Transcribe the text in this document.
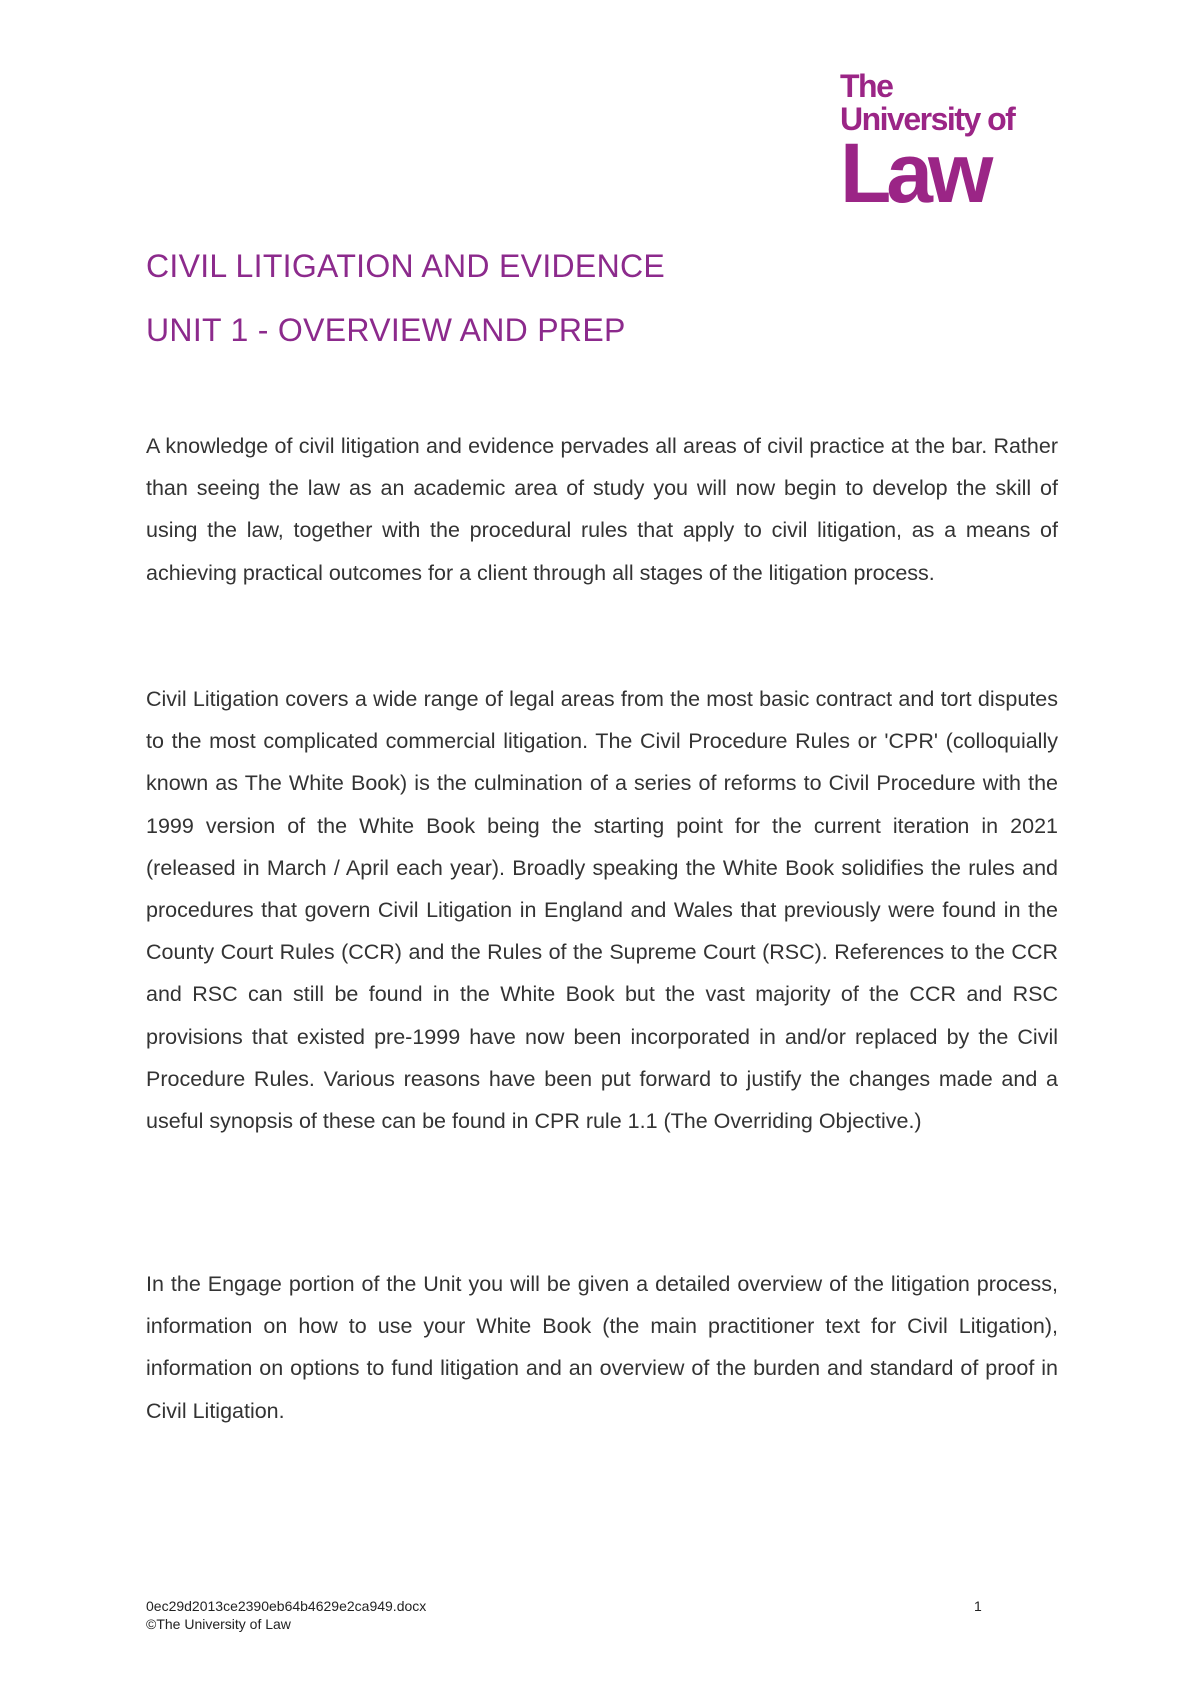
The
University of
Law
CIVIL LITIGATION AND EVIDENCE
UNIT 1 - OVERVIEW AND PREP

A knowledge of civil litigation and evidence pervades all areas of civil practice at the bar. Rather than seeing the law as an academic area of study you will now begin to develop the skill of using the law, together with the procedural rules that apply to civil litigation, as a means of achieving practical outcomes for a client through all stages of the litigation process.

Civil Litigation covers a wide range of legal areas from the most basic contract and tort disputes to the most complicated commercial litigation. The Civil Procedure Rules or 'CPR' (colloquially known as The White Book) is the culmination of a series of reforms to Civil Procedure with the 1999 version of the White Book being the starting point for the current iteration in 2021 (released in March / April each year). Broadly speaking the White Book solidifies the rules and procedures that govern Civil Litigation in England and Wales that previously were found in the County Court Rules (CCR) and the Rules of the Supreme Court (RSC). References to the CCR and RSC can still be found in the White Book but the vast majority of the CCR and RSC provisions that existed pre-1999 have now been incorporated in and/or replaced by the Civil Procedure Rules. Various reasons have been put forward to justify the changes made and a useful synopsis of these can be found in CPR rule 1.1 (The Overriding Objective.)

In the Engage portion of the Unit you will be given a detailed overview of the litigation process, information on how to use your White Book (the main practitioner text for Civil Litigation), information on options to fund litigation and an overview of the burden and standard of proof in Civil Litigation.

0ec29d2013ce2390eb64b4629e2ca949.docx
©The University of Law
1
